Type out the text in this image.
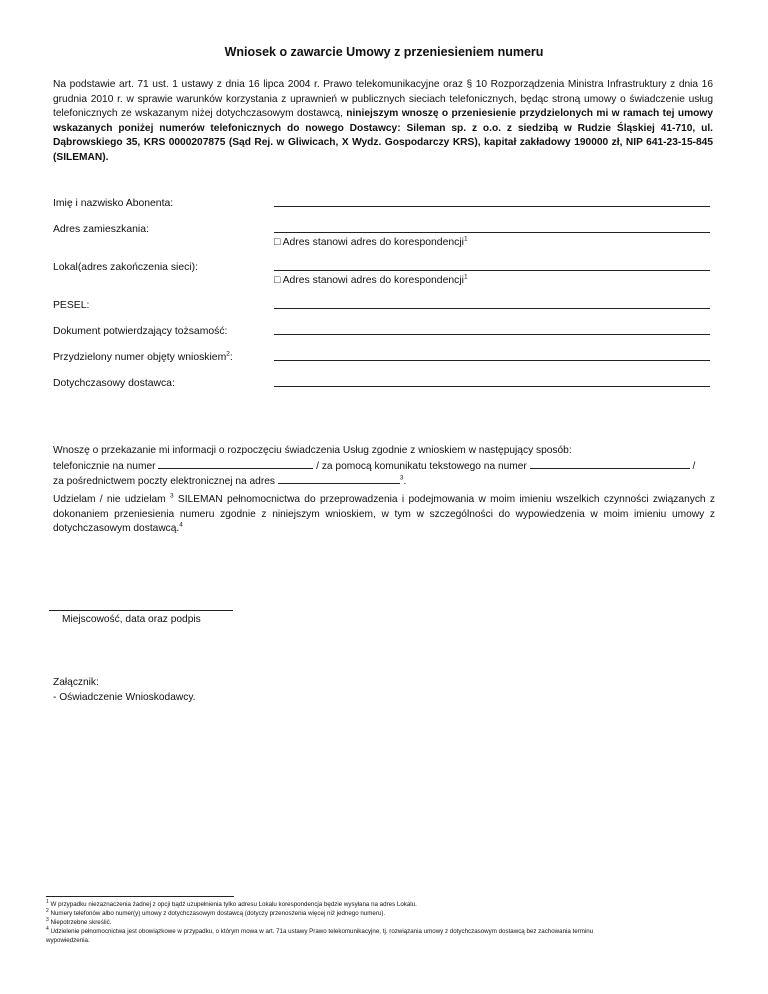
Wniosek o zawarcie Umowy z przeniesieniem numeru
Na podstawie art. 71 ust. 1 ustawy z dnia 16 lipca 2004 r. Prawo telekomunikacyjne oraz § 10 Rozporządzenia Ministra Infrastruktury z dnia 16 grudnia 2010 r. w sprawie warunków korzystania z uprawnień w publicznych sieciach telefonicznych, będąc stroną umowy o świadczenie usług telefonicznych ze wskazanym niżej dotychczasowym dostawcą, niniejszym wnoszę o przeniesienie przydzielonych mi w ramach tej umowy wskazanych poniżej numerów telefonicznych do nowego Dostawcy: Sileman sp. z o.o. z siedzibą w Rudzie Śląskiej 41-710, ul. Dąbrowskiego 35, KRS 0000207875 (Sąd Rej. w Gliwicach, X Wydz. Gospodarczy KRS), kapitał zakładowy 190000 zł, NIP 641-23-15-845 (SILEMAN).
Imię i nazwisko Abonenta:
Adres zamieszkania:
□ Adres stanowi adres do korespondencji$^1$
Lokal(adres zakończenia sieci):
□ Adres stanowi adres do korespondencji$^1$
PESEL:
Dokument potwierdzający tożsamość:
Przydzielony numer objęty wnioskiem$^2$:
Dotychczasowy dostawca:
Wnoszę o przekazanie mi informacji o rozpoczęciu świadczenia Usług zgodnie z wnioskiem w następujący sposób:
telefonicznie na numer	/ za pomocą komunikatu tekstowego na numer	/
za pośrednictwem poczty elektronicznej na adres	$^3$.
Udzielam / nie udzielam $^3$ SILEMAN pełnomocnictwa do przeprowadzenia i podejmowania w moim imieniu wszelkich czynności związanych z dokonaniem przeniesienia numeru zgodnie z niniejszym wnioskiem, w tym w szczególności do wypowiedzenia w moim imieniu umowy z dotychczasowym dostawcą.$^4$
Miejscowość, data oraz podpis
Załącznik:
- Oświadczenie Wnioskodawcy.
$^1$ W przypadku niezaznaczenia żadnej z opcji bądź uzupełnienia tylko adresu Lokalu korespondencja będzie wysyłana na adres Lokalu.
$^2$ Numery telefonów albo numer(y) umowy z dotychczasowym dostawcą (dotyczy przenoszenia więcej niż jednego numeru).
$^3$ Niepotrzebne skreślić.
$^4$ Udzielenie pełnomocnictwa jest obowiązkowe w przypadku, o którym mowa w art. 71a ustawy Prawo telekomunikacyjne, tj. rozwiązania umowy z dotychczasowym dostawcą bez zachowania terminu
wypowiedzenia.
